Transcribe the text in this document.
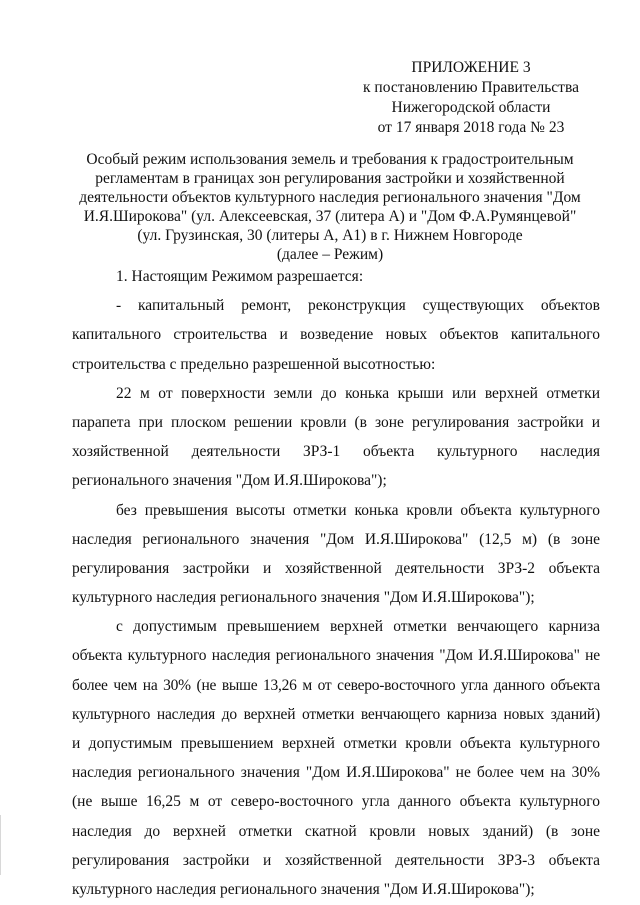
ПРИЛОЖЕНИЕ 3
к постановлению Правительства
Нижегородской области
от 17 января 2018 года № 23
Особый режим использования земель и требования к градостроительным
регламентам в границах зон регулирования застройки и хозяйственной
деятельности объектов культурного наследия регионального значения "Дом
И.Я.Широкова" (ул. Алексеевская, 37 (литера А) и "Дом Ф.А.Румянцевой"
(ул. Грузинская, 30 (литеры А, А1) в г. Нижнем Новгороде
(далее – Режим)
1. Настоящим Режимом разрешается:
- капитальный ремонт, реконструкция существующих объектов
капитального строительства и возведение новых объектов капитального
строительства с предельно разрешенной высотностью:
22 м от поверхности земли до конька крыши или верхней отметки
парапета при плоском решении кровли (в зоне регулирования застройки и
хозяйственной деятельности ЗРЗ-1 объекта культурного наследия
регионального значения "Дом И.Я.Широкова");
без превышения высоты отметки конька кровли объекта культурного
наследия регионального значения "Дом И.Я.Широкова" (12,5 м) (в зоне
регулирования застройки и хозяйственной деятельности ЗРЗ-2 объекта
культурного наследия регионального значения "Дом И.Я.Широкова");
с допустимым превышением верхней отметки венчающего карниза
объекта культурного наследия регионального значения "Дом И.Я.Широкова" не
более чем на 30% (не выше 13,26 м от северо-восточного угла данного объекта
культурного наследия до верхней отметки венчающего карниза новых зданий)
и допустимым превышением верхней отметки кровли объекта культурного
наследия регионального значения "Дом И.Я.Широкова" не более чем на 30%
(не выше 16,25 м от северо-восточного угла данного объекта культурного
наследия до верхней отметки скатной кровли новых зданий) (в зоне
регулирования застройки и хозяйственной деятельности ЗРЗ-3 объекта
культурного наследия регионального значения "Дом И.Я.Широкова");
